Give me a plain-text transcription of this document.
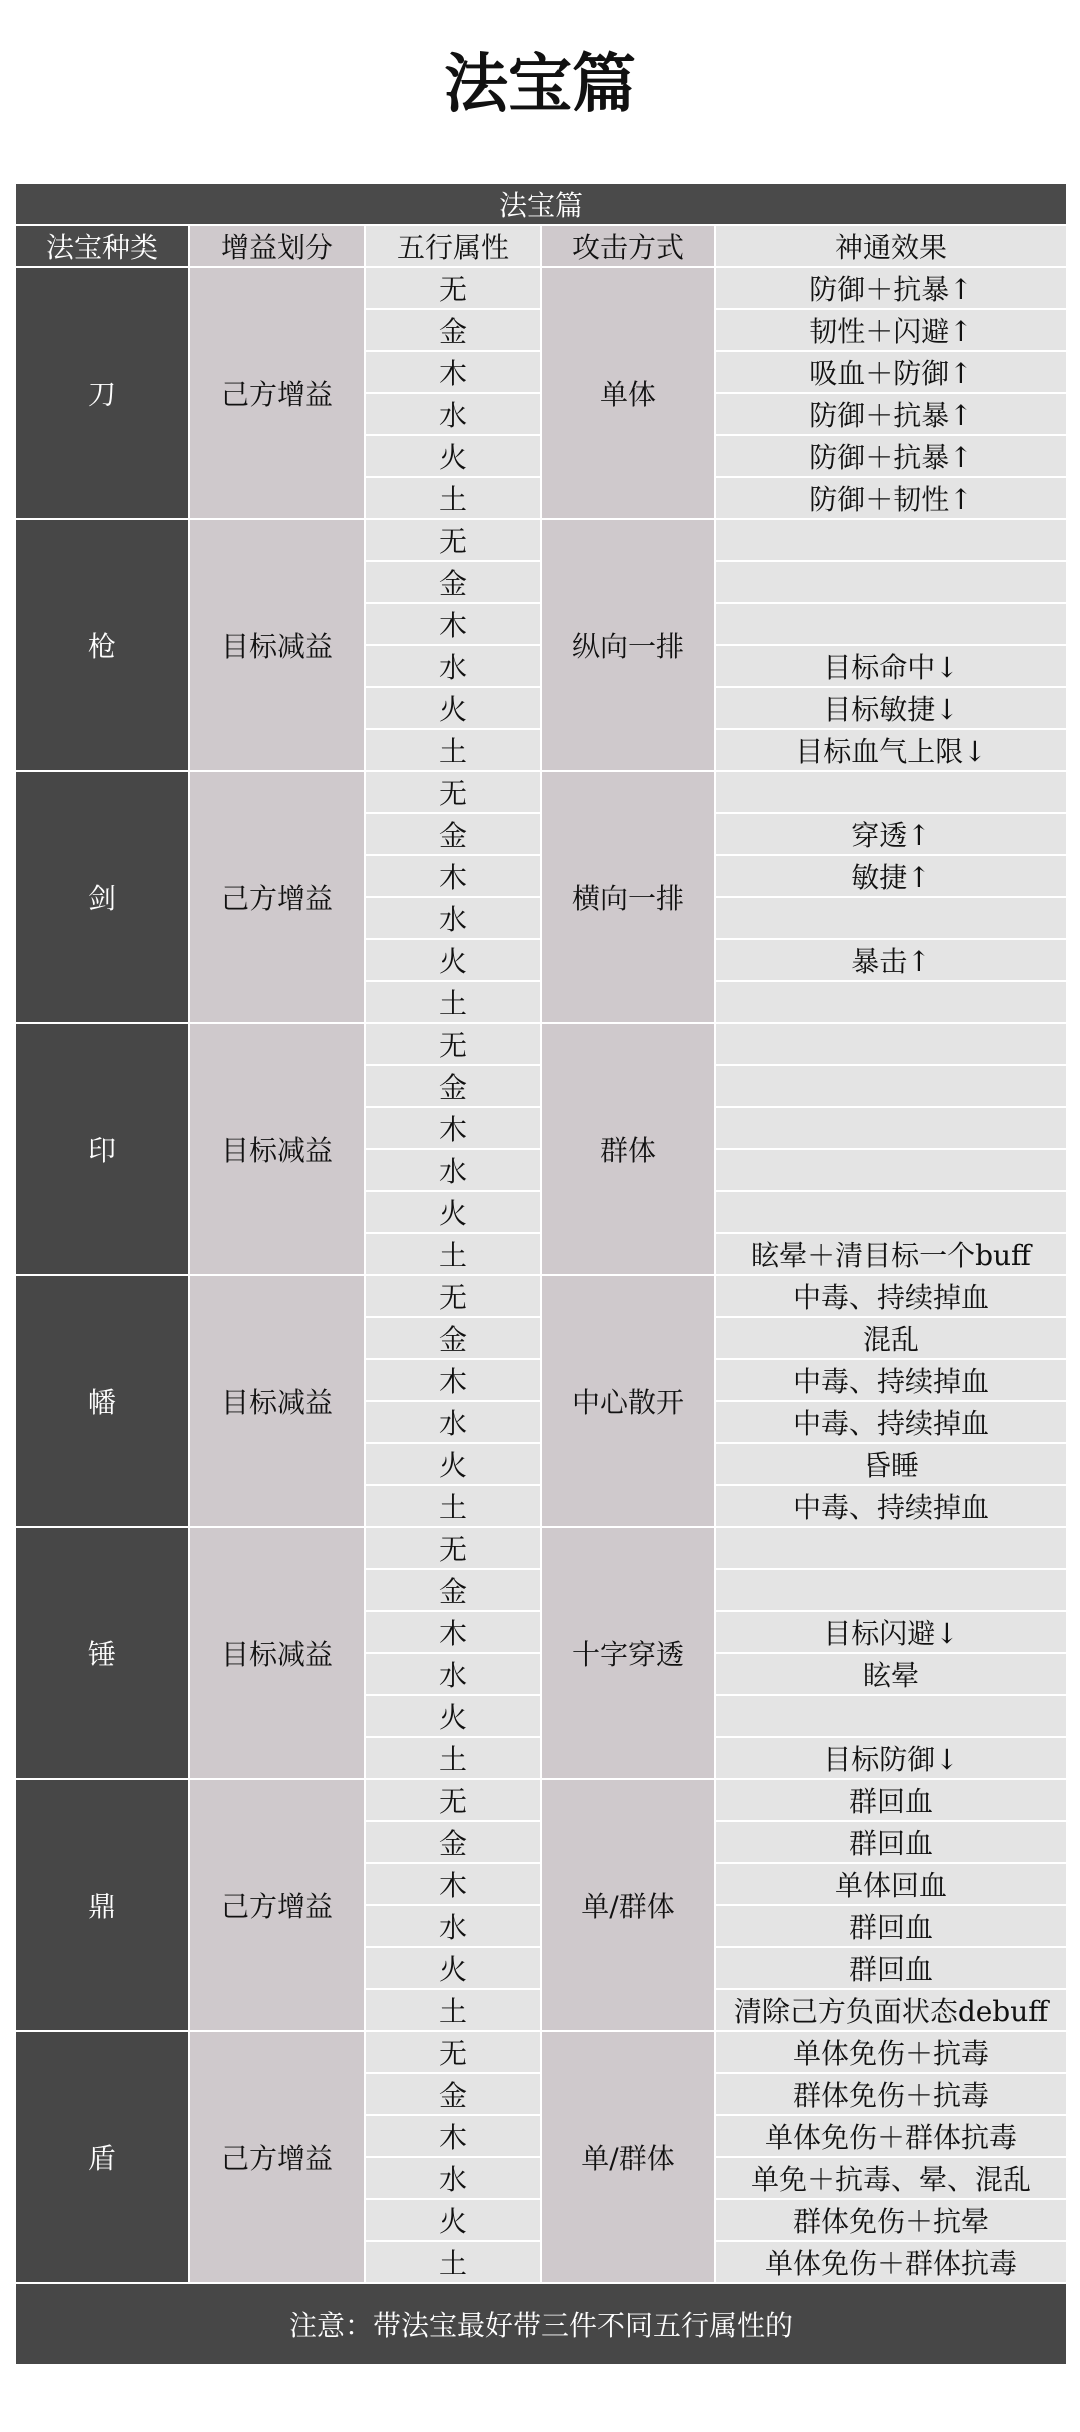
法宝篇
法宝篇				
法宝种类	增益划分	五行属性	攻击方式	神通效果
刀	己方增益	无	单体	防御＋抗暴↑
		金		韧性＋闪避↑
		木		吸血＋防御↑
		水		防御＋抗暴↑
		火		防御＋抗暴↑
		土		防御＋韧性↑
枪	目标减益	无	纵向一排	
		金		
		木		
		水		目标命中↓
		火		目标敏捷↓
		土		目标血气上限↓
剑	己方增益	无	横向一排	
		金		穿透↑
		木		敏捷↑
		水		
		火		暴击↑
		土		
印	目标减益	无	群体	
		金		
		木		
		水		
		火		
		土		眩晕＋清目标一个buff
幡	目标减益	无	中心散开	中毒、持续掉血
		金		混乱
		木		中毒、持续掉血
		水		中毒、持续掉血
		火		昏睡
		土		中毒、持续掉血
锤	目标减益	无	十字穿透	
		金		
		木		目标闪避↓
		水		眩晕
		火		
		土		目标防御↓
鼎	己方增益	无	单/群体	群回血
		金		群回血
		木		单体回血
		水		群回血
		火		群回血
		土		清除己方负面状态debuff
盾	己方增益	无	单/群体	单体免伤＋抗毒
		金		群体免伤＋抗毒
		木		单体免伤＋群体抗毒
		水		单免＋抗毒、晕、混乱
		火		群体免伤＋抗晕
		土		单体免伤＋群体抗毒
注意：带法宝最好带三件不同五行属性的				
